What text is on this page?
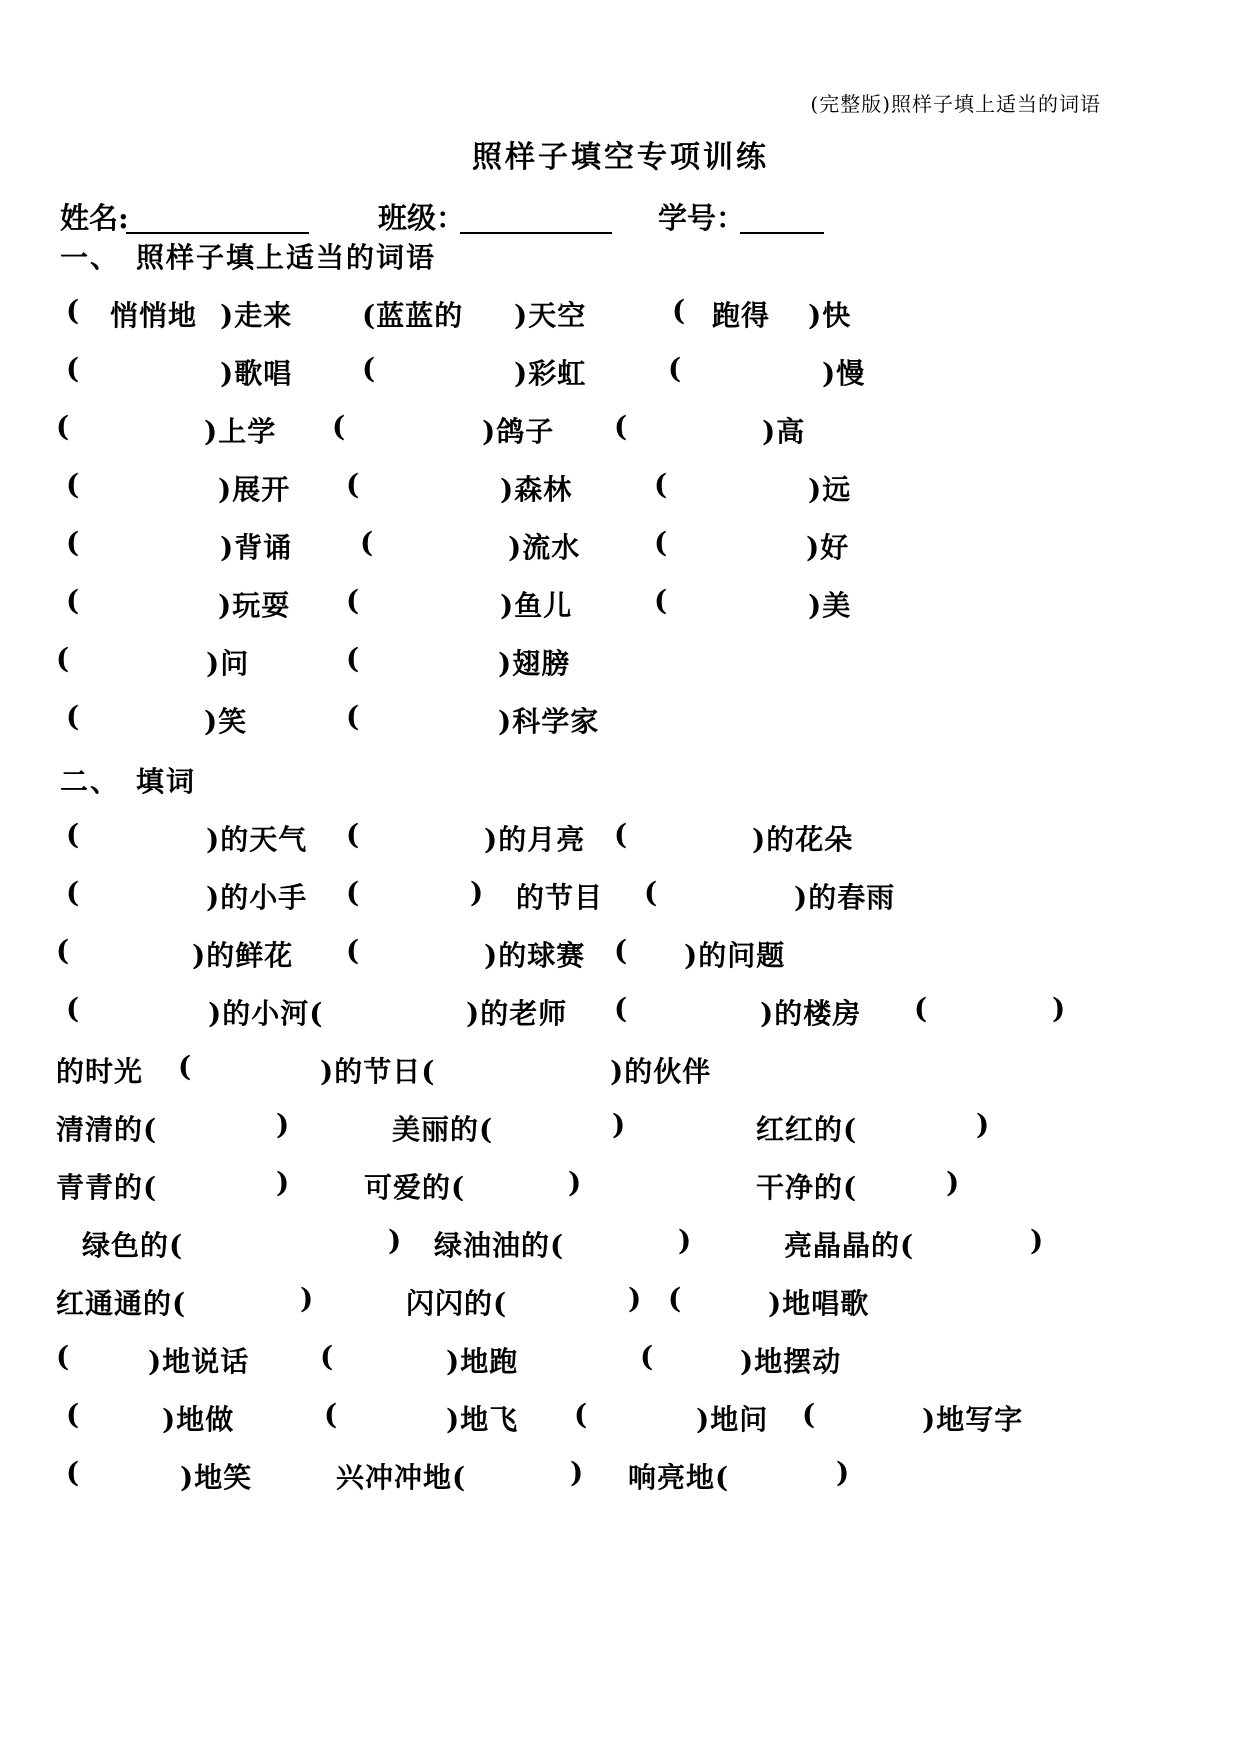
(完整版)照样子填上适当的词语
照样子填空专项训练
姓名:	班级：	学号：
一、 照样子填上适当的词语
二、 填词
( 悄悄地 )走来 (蓝蓝的 )天空	( 跑得 )快
(	)歌唱 (	)彩虹	(	)慢
(	)上学 (	)鸽子 (	)高
(	)展开 (	)森林	(	)远
(	)背诵 (	)流水	(	)好
(	)玩耍 (	)鱼儿	(	)美
(	)问	(	)翅膀
(	)笑	(	)科学家
(	)的天气 (	)的月亮 (	)的花朵
(	)的小手 (	) 的节目 (	)的春雨
(	)的鲜花 (	)的球赛 ( )的问题
(	)的小河(	)的老师 (	)的楼房 (	)
的时光 (	)的节日(	)的伙伴
清清的(	)	美丽的(	)	红红的(	)
青青的(	)	可爱的(	)	干净的(	)
绿色的(	) 绿油油的(	)	亮晶晶的(	)
红通通的(	)	闪闪的(	) (	)地唱歌
(	)地说话	(	)地跑	(	)地摆动
(	)地做	(	)地飞 (	)地问 (	)地写字
(	)地笑	兴冲冲地(	) 响亮地(	)
